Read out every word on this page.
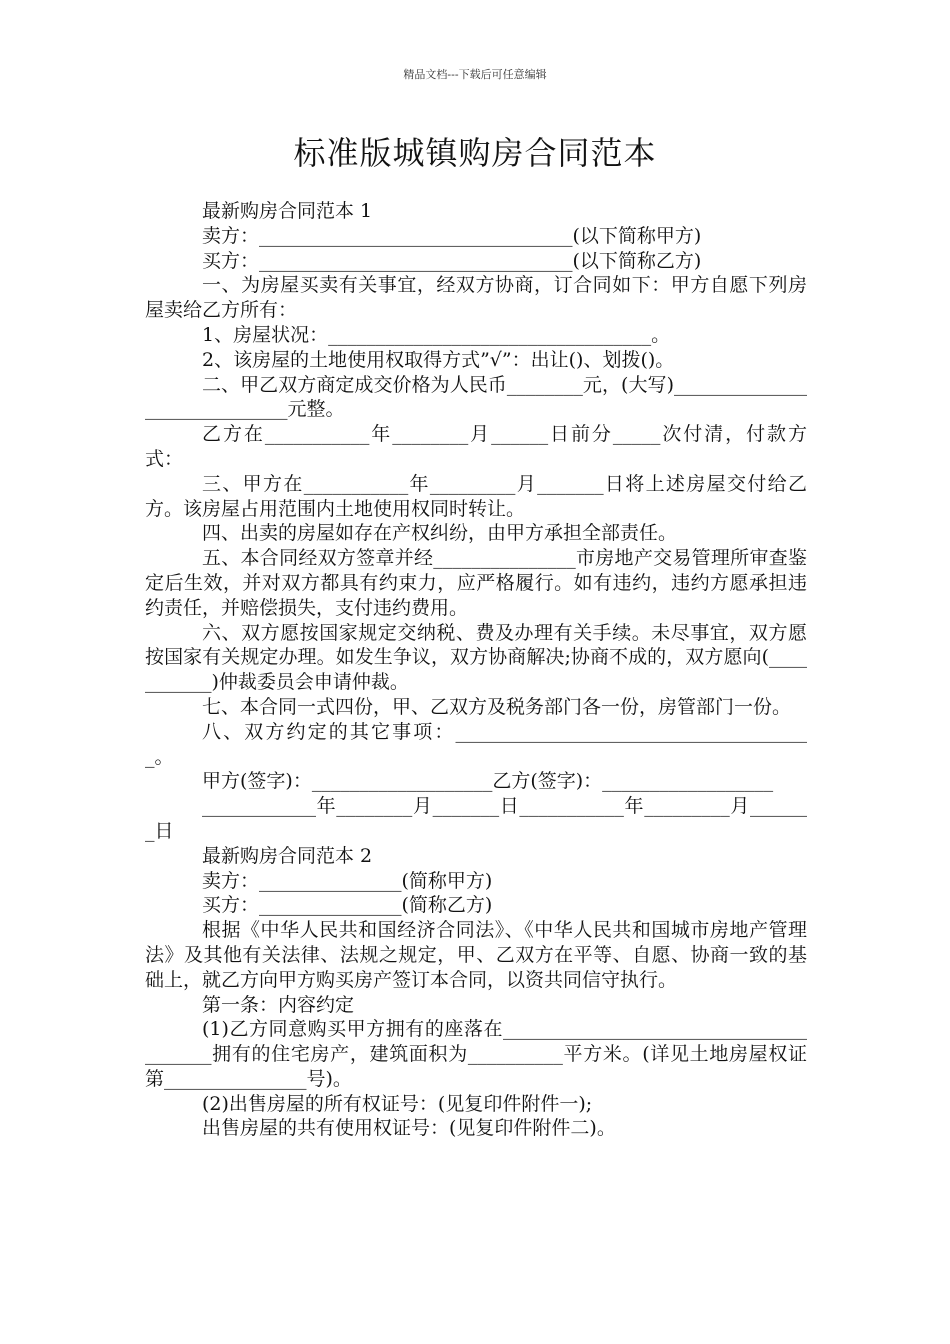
精品文档---下载后可任意编辑
标准版城镇购房合同范本

最新购房合同范本 1

卖方：_________________________________(以下简称甲方)

买方：_________________________________(以下简称乙方)

一、为房屋买卖有关事宜，经双方协商，订合同如下：甲方自愿下列房屋卖给乙方所有：

1、房屋状况：__________________________________。

2、该房屋的土地使用权取得方式”√”：出让()、划拨()。

二、甲乙双方商定成交价格为人民币________元，(大写)_____________________________元整。

乙方在___________年________月______日前分_____次付清，付款方式：

三、甲方在___________年_________月_______日将上述房屋交付给乙方。该房屋占用范围内土地使用权同时转让。

四、出卖的房屋如存在产权纠纷，由甲方承担全部责任。

五、本合同经双方签章并经_______________市房地产交易管理所审查鉴定后生效，并对双方都具有约束力，应严格履行。如有违约，违约方愿承担违约责任，并赔偿损失，支付违约费用。

六、双方愿按国家规定交纳税、费及办理有关手续。未尽事宜，双方愿按国家有关规定办理。如发生争议，双方协商解决;协商不成的，双方愿向(___________)仲裁委员会申请仲裁。

七、本合同一式四份，甲、乙双方及税务部门各一份，房管部门一份。

八、双方约定的其它事项：______________________________________。

甲方(签字)：___________________乙方(签字)：__________________

____________年________月_______日___________年_________月_______日

最新购房合同范本 2

卖方：_______________(简称甲方)

买方：_______________(简称乙方)

根据《中华人民共和国经济合同法》、《中华人民共和国城市房地产管理法》及其他有关法律、法规之规定，甲、乙双方在平等、自愿、协商一致的基础上，就乙方向甲方购买房产签订本合同，以资共同信守执行。

第一条：内容约定

(1)乙方同意购买甲方拥有的座落在_______________________________________拥有的住宅房产，建筑面积为__________平方米。(详见土地房屋权证第_______________号)。

(2)出售房屋的所有权证号：(见复印件附件一);

出售房屋的共有使用权证号：(见复印件附件二)。
